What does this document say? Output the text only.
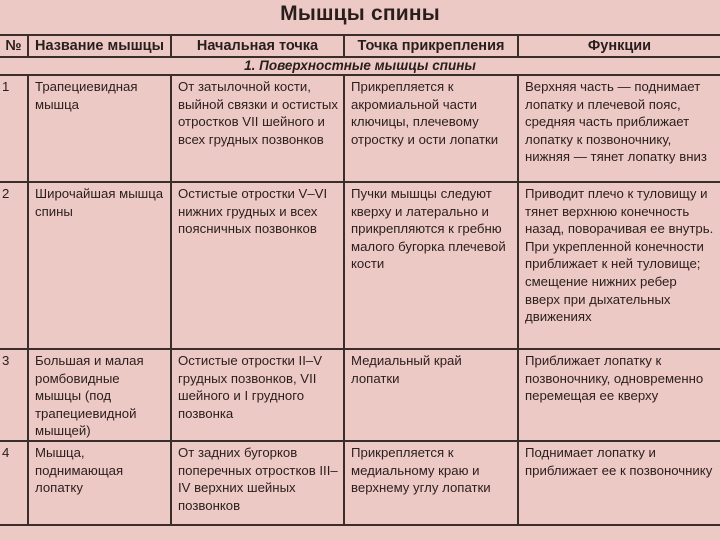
Мышцы спины
№	Название мышцы	Начальная точка	Точка прикрепления	Функции
1. Поверхностные мышцы спины				
1	Трапециевидная мышца	От затылочной кости, выйной связки и остистых отростков VII шейного и всех грудных позвонков	Прикрепляется к акромиальной части ключицы, плечевому отростку и ости лопатки	Верхняя часть — поднимает лопатку и плечевой пояс, средняя часть приближает лопатку к позвоночнику, нижняя — тянет лопатку вниз
2	Широчайшая мышца спины	Остистые отростки V–VI нижних грудных и всех поясничных позвонков	Пучки мышцы следуют кверху и латерально и прикрепляются к гребню малого бугорка плечевой кости	Приводит плечо к туловищу и тянет верхнюю конечность назад, поворачивая ее внутрь. При укрепленной конечности приближает к ней туловище; смещение нижних ребер вверх при дыхательных движениях
3	Большая и малая ромбовидные мышцы (под трапециевидной мышцей)	Остистые отростки II–V грудных позвонков, VII шейного и I грудного позвонка	Медиальный край лопатки	Приближает лопатку к позвоночнику, одновременно перемещая ее кверху
4	Мышца, поднимающая лопатку	От задних бугорков поперечных отростков III–IV верхних шейных позвонков	Прикрепляется к медиальному краю и верхнему углу лопатки	Поднимает лопатку и приближает ее к позвоночнику
